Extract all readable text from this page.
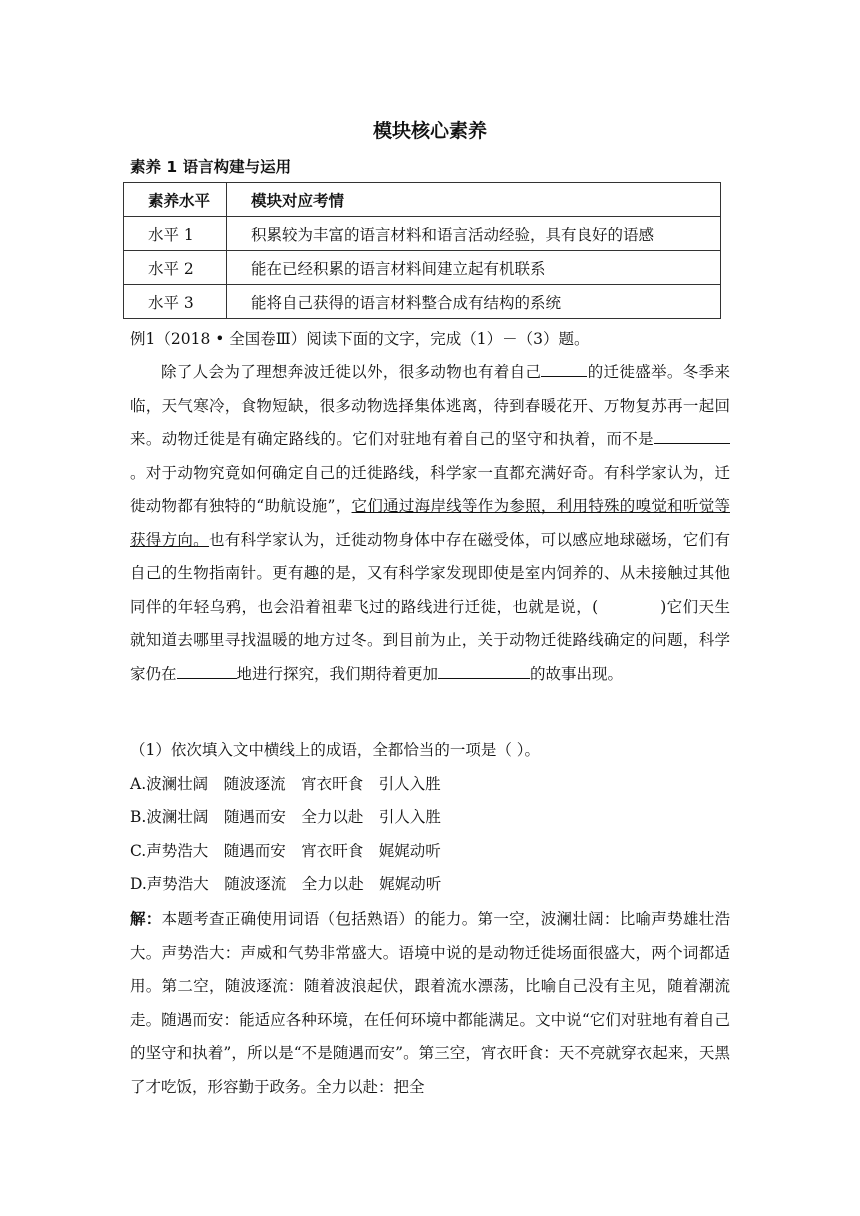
模块核心素养
素养 1 语言构建与运用
素养水平	模块对应考情
水平 1	积累较为丰富的语言材料和语言活动经验，具有良好的语感
水平 2	能在已经积累的语言材料间建立起有机联系
水平 3	能将自己获得的语言材料整合成有结构的系统
例1（2018 • 全国卷Ⅲ）阅读下面的文字，完成（1）－（3）题。

除了人会为了理想奔波迁徙以外，很多动物也有着自己	的迁徙盛举。冬季来临，天气寒冷，食物短缺，很多动物选择集体逃离，待到春暖花开、万物复苏再一起回来。动物迁徙是有确定路线的。它们对驻地有着自己的坚守和执着，而不是。对于动物究竟如何确定自己的迁徙路线，科学家一直都充满好奇。有科学家认为，迁徙动物都有独特的“助航设施”，它们通过海岸线等作为参照，利用特殊的嗅觉和听觉等获得方向。也有科学家认为，迁徙动物身体中存在磁受体，可以感应地球磁场，它们有自己的生物指南针。更有趣的是，又有科学家发现即使是室内饲养的、从未接触过其他同伴的年轻乌鸦，也会沿着祖辈飞过的路线进行迁徙，也就是说，(	)它们天生就知道去哪里寻找温暖的地方过冬。到目前为止，关于动物迁徙路线确定的问题，科学家仍在	地进行探究，我们期待着更加	的故事出现。

（1）依次填入文中横线上的成语，全都恰当的一项是（ ）。

A.波澜壮阔　随波逐流　宵衣旰食　引人入胜

B.波澜壮阔　随遇而安　全力以赴　引人入胜

C.声势浩大　随遇而安　宵衣旰食　娓娓动听

D.声势浩大　随波逐流　全力以赴　娓娓动听

解：本题考查正确使用词语（包括熟语）的能力。第一空，波澜壮阔：比喻声势雄壮浩大。声势浩大：声威和气势非常盛大。语境中说的是动物迁徙场面很盛大，两个词都适用。第二空，随波逐流：随着波浪起伏，跟着流水漂荡，比喻自己没有主见，随着潮流走。随遇而安：能适应各种环境，在任何环境中都能满足。文中说“它们对驻地有着自己的坚守和执着”，所以是“不是随遇而安”。第三空，宵衣旰食：天不亮就穿衣起来，天黑了才吃饭，形容勤于政务。全力以赴：把全
